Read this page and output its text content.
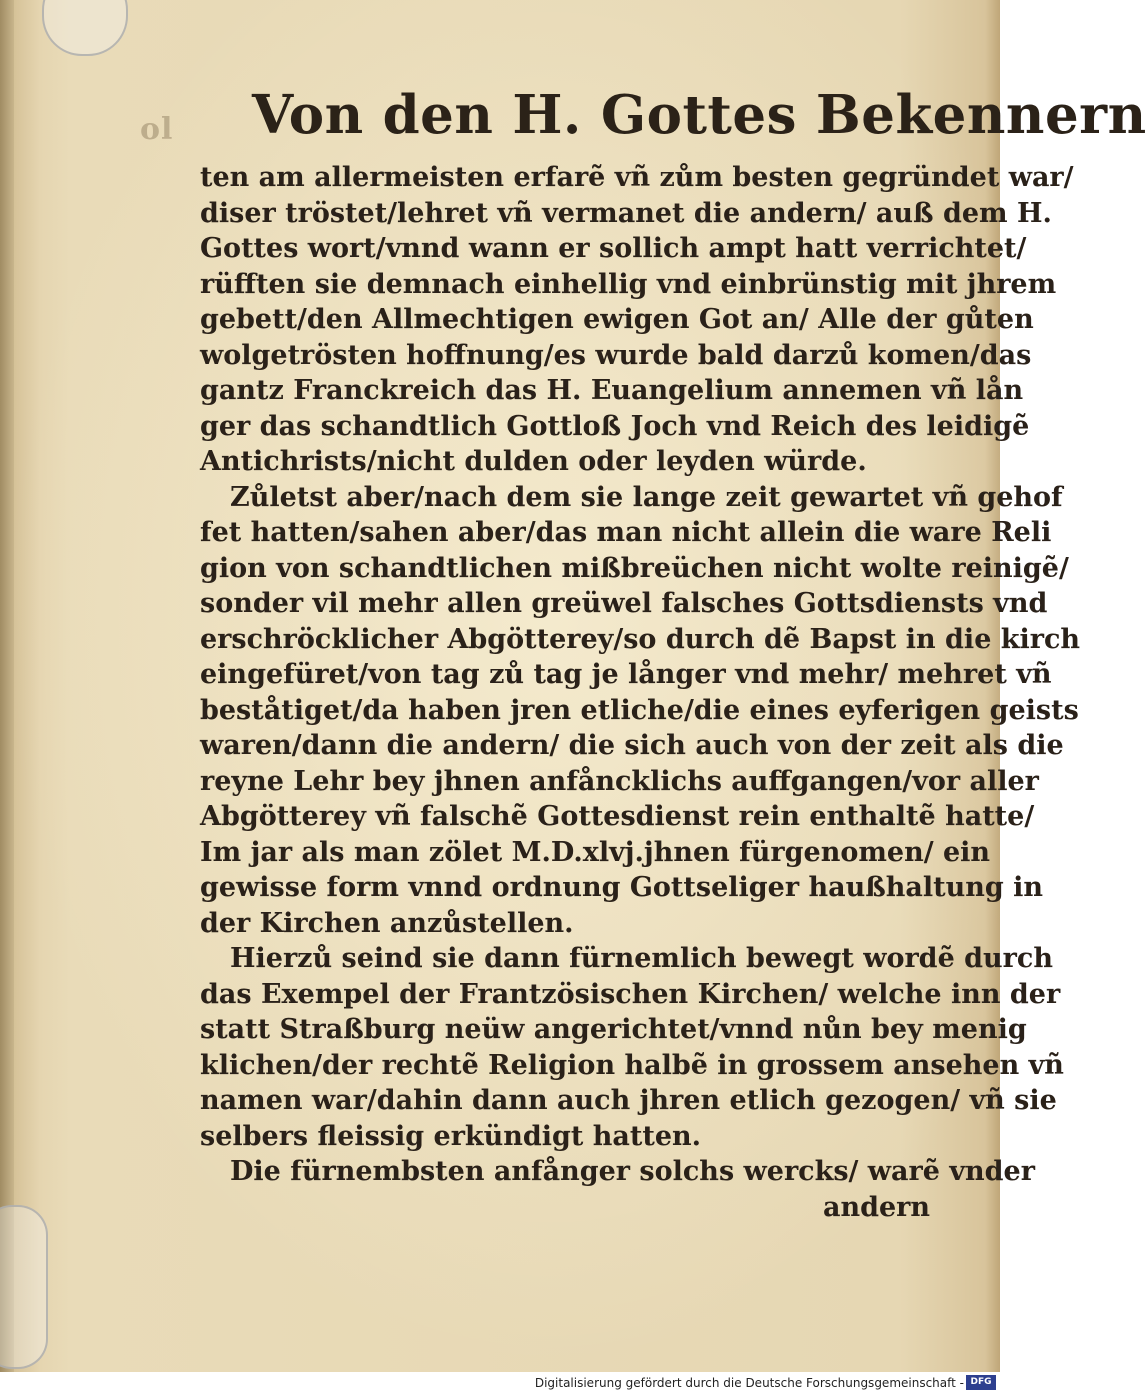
ol Von den H. Gottes Bekennern
ten am allermeisten erfarẽ vñ zům besten gegründet war/
diser tröstet/lehret vñ vermanet die andern/ auß dem H.
Gottes wort/vnnd wann er sollich ampt hatt verrichtet/
rüfften sie demnach einhellig vnd einbrünstig mit jhrem
gebett/den Allmechtigen ewigen Got an/ Alle der gůten
wolgetrösten hoffnung/es wurde bald darzů komen/das
gantz Franckreich das H. Euangelium annemen vñ lån
ger das schandtlich Gottloß Joch vnd Reich des leidigẽ
Antichrists/nicht dulden oder leyden würde.
Zůletst aber/nach dem sie lange zeit gewartet vñ gehof
fet hatten/sahen aber/das man nicht allein die ware Reli
gion von schandtlichen mißbreüchen nicht wolte reinigẽ/
sonder vil mehr allen greüwel falsches Gottsdiensts vnd
erschröcklicher Abgötterey/so durch dẽ Bapst in die kirch
eingefüret/von tag zů tag je långer vnd mehr/ mehret vñ
beståtiget/da haben jren etliche/die eines eyferigen geists
waren/dann die andern/ die sich auch von der zeit als die
reyne Lehr bey jhnen anfåncklichs auffgangen/vor aller
Abgötterey vñ falschẽ Gottesdienst rein enthaltẽ hatte/
Im jar als man zölet M.D.xlvj.jhnen fürgenomen/ ein
gewisse form vnnd ordnung Gottseliger haußhaltung in
der Kirchen anzůstellen.
Hierzů seind sie dann fürnemlich bewegt wordẽ durch
das Exempel der Frantzösischen Kirchen/ welche inn der
statt Straßburg neüw angerichtet/vnnd nůn bey menig
klichen/der rechtẽ Religion halbẽ in grossem ansehen vñ
namen war/dahin dann auch jhren etlich gezogen/ vñ sie
selbers fleissig erkündigt hatten.
Die fürnembsten anfånger solchs wercks/ warẽ vnder
andern
Digitalisierung gefördert durch die Deutsche Forschungsgemeinschaft - DFG
